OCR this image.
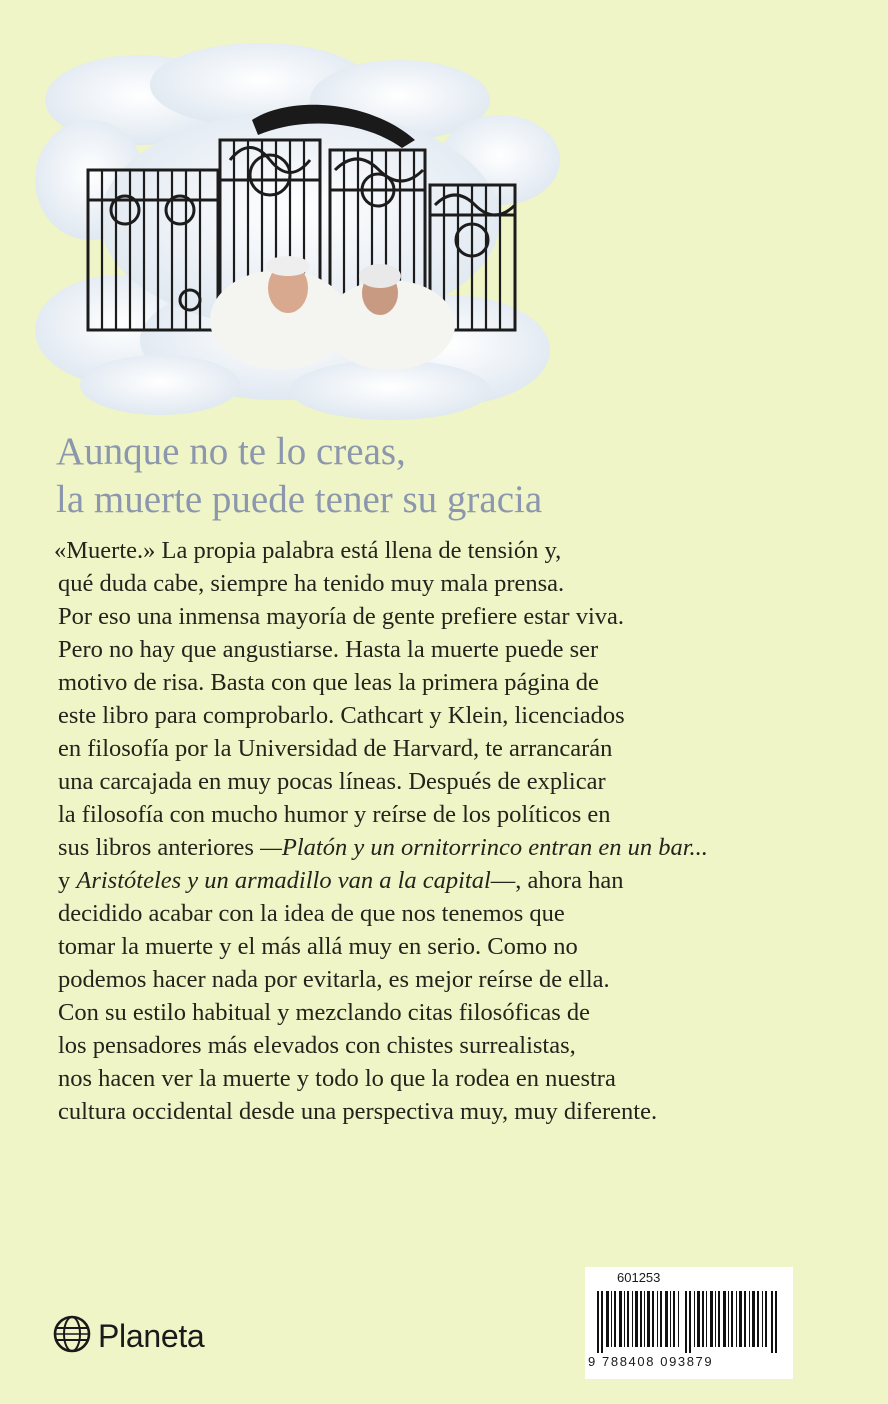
Aunque no te lo creas,
la muerte puede tener su gracia
«Muerte.» La propia palabra está llena de tensión y,
qué duda cabe, siempre ha tenido muy mala prensa.
Por eso una inmensa mayoría de gente prefiere estar viva.
Pero no hay que angustiarse. Hasta la muerte puede ser
motivo de risa. Basta con que leas la primera página de
este libro para comprobarlo. Cathcart y Klein, licenciados
en filosofía por la Universidad de Harvard, te arrancarán
una carcajada en muy pocas líneas. Después de explicar
la filosofía con mucho humor y reírse de los políticos en
sus libros anteriores —Platón y un ornitorrinco entran en un bar...
y Aristóteles y un armadillo van a la capital—, ahora han
decidido acabar con la idea de que nos tenemos que
tomar la muerte y el más allá muy en serio. Como no
podemos hacer nada por evitarla, es mejor reírse de ella.
Con su estilo habitual y mezclando citas filosóficas de
los pensadores más elevados con chistes surrealistas,
nos hacen ver la muerte y todo lo que la rodea en nuestra
cultura occidental desde una perspectiva muy, muy diferente.
Planeta
601253
9 788408 093879
